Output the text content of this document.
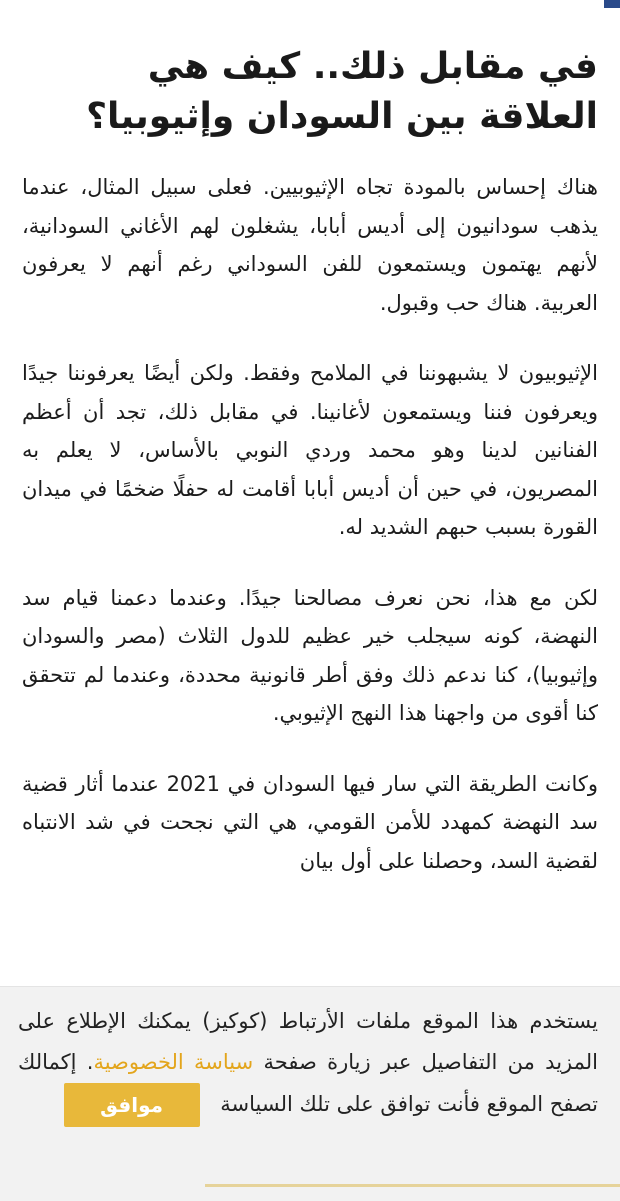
في مقابل ذلك.. كيف هي العلاقة بين السودان وإثيوبيا؟

هناك إحساس بالمودة تجاه الإثيوبيين. فعلى سبيل المثال، عندما يذهب سودانيون إلى أديس أبابا، يشغلون لهم الأغاني السودانية، لأنهم يهتمون ويستمعون للفن السوداني رغم أنهم لا يعرفون العربية. هناك حب وقبول.

الإثيوبيون لا يشبهوننا في الملامح وفقط. ولكن أيضًا يعرفوننا جيدًا ويعرفون فننا ويستمعون لأغانينا. في مقابل ذلك، تجد أن أعظم الفنانين لدينا وهو محمد وردي النوبي بالأساس، لا يعلم به المصريون، في حين أن أديس أبابا أقامت له حفلًا ضخمًا في ميدان القورة بسبب حبهم الشديد له.

لكن مع هذا، نحن نعرف مصالحنا جيدًا. وعندما دعمنا قيام سد النهضة، كونه سيجلب خير عظيم للدول الثلاث (مصر والسودان وإثيوبيا)، كنا ندعم ذلك وفق أطر قانونية محددة، وعندما لم تتحقق كنا أقوى من واجهنا هذا النهج الإثيوبي.

وكانت الطريقة التي سار فيها السودان في 2021 عندما أثار قضية سد النهضة كمهدد للأمن القومي، هي التي نجحت في شد الانتباه لقضية السد، وحصلنا على أول بيان

يستخدم هذا الموقع ملفات الأرتباط (كوكيز) يمكنك الإطلاع على المزيد من التفاصيل عبر زيارة صفحة سياسة الخصوصية. إكمالك تصفح الموقع فأنت توافق على تلك السياسة موافق
